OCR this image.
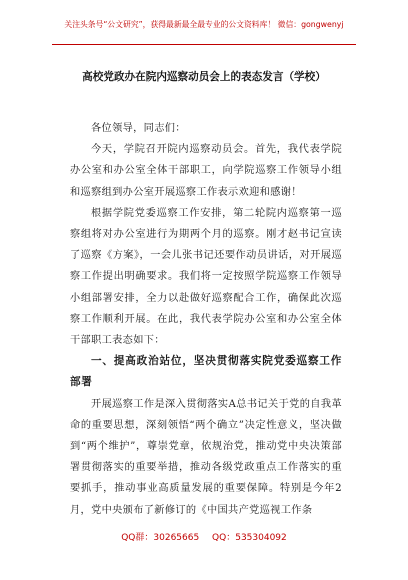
关注头条号“公文研究”，获得最新最全最专业的公文资料库！ 微信：gongwenyj
高校党政办在院内巡察动员会上的表态发言（学校）

各位领导，同志们：

今天，学院召开院内巡察动员会。首先，我代表学院办公室和办公室全体干部职工，向学院巡察工作领导小组和巡察组到办公室开展巡察工作表示欢迎和感谢！

根据学院党委巡察工作安排，第二轮院内巡察第一巡察组将对办公室进行为期两个月的巡察。刚才赵书记宣读了巡察《方案》，一会儿张书记还要作动员讲话，对开展巡察工作提出明确要求。我们将一定按照学院巡察工作领导小组部署安排，全力以赴做好巡察配合工作，确保此次巡察工作顺利开展。在此，我代表学院办公室和办公室全体干部职工表态如下：

一、提高政治站位，坚决贯彻落实院党委巡察工作部署

开展巡察工作是深入贯彻落实A总书记关于党的自我革命的重要思想，深刻领悟“两个确立”决定性意义，坚决做到“两个维护”，尊崇党章，依规治党，推动党中央决策部署贯彻落实的重要举措，推动各级党政重点工作落实的重要抓手，推动事业高质量发展的重要保障。特别是今年2月，党中央颁布了新修订的《中国共产党巡视工作条

QQ群：30265665 QQ：535304092
